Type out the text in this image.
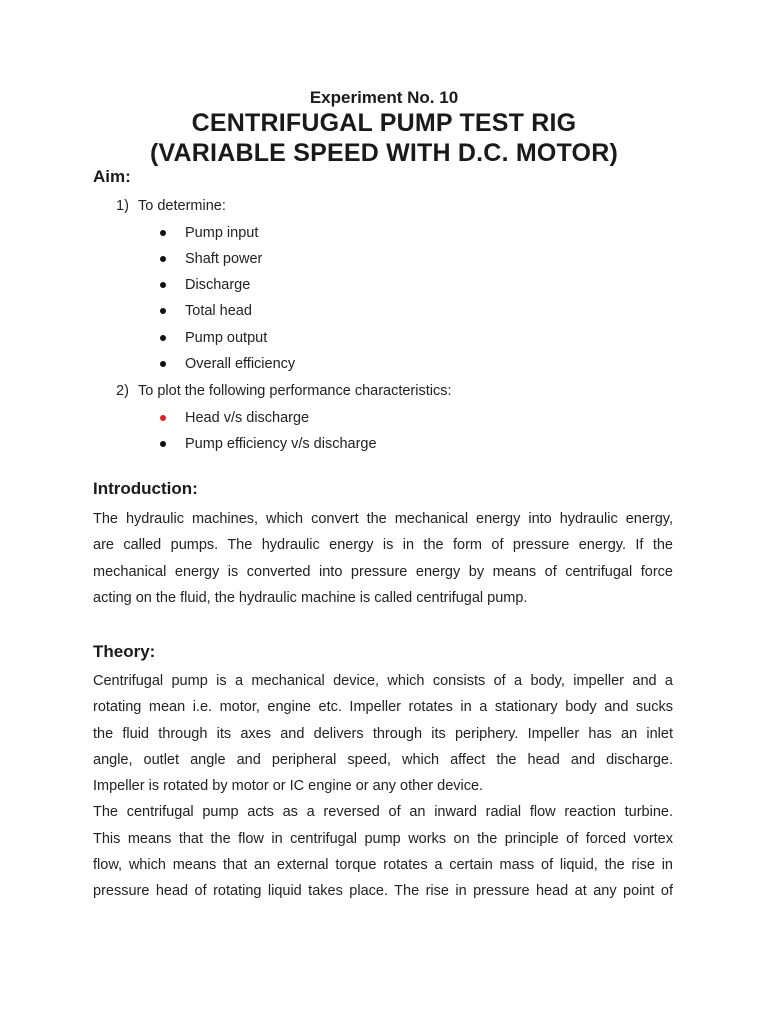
Experiment No. 10
CENTRIFUGAL PUMP TEST RIG
(VARIABLE SPEED WITH D.C. MOTOR)
Aim:
1) To determine:
Pump input
Shaft power
Discharge
Total head
Pump output
Overall efficiency
2) To plot the following performance characteristics:
Head v/s discharge
Pump efficiency v/s discharge
Introduction:
The hydraulic machines, which convert the mechanical energy into hydraulic energy,
are called pumps. The hydraulic energy is in the form of pressure energy. If the
mechanical energy is converted into pressure energy by means of centrifugal force
acting on the fluid, the hydraulic machine is called centrifugal pump.
Theory:
Centrifugal pump is a mechanical device, which consists of a body, impeller and a
rotating mean i.e. motor, engine etc. Impeller rotates in a stationary body and sucks
the fluid through its axes and delivers through its periphery. Impeller has an inlet
angle, outlet angle and peripheral speed, which affect the head and discharge.
Impeller is rotated by motor or IC engine or any other device.
The centrifugal pump acts as a reversed of an inward radial flow reaction turbine.
This means that the flow in centrifugal pump works on the principle of forced vortex
flow, which means that an external torque rotates a certain mass of liquid, the rise in
pressure head of rotating liquid takes place. The rise in pressure head at any point of
